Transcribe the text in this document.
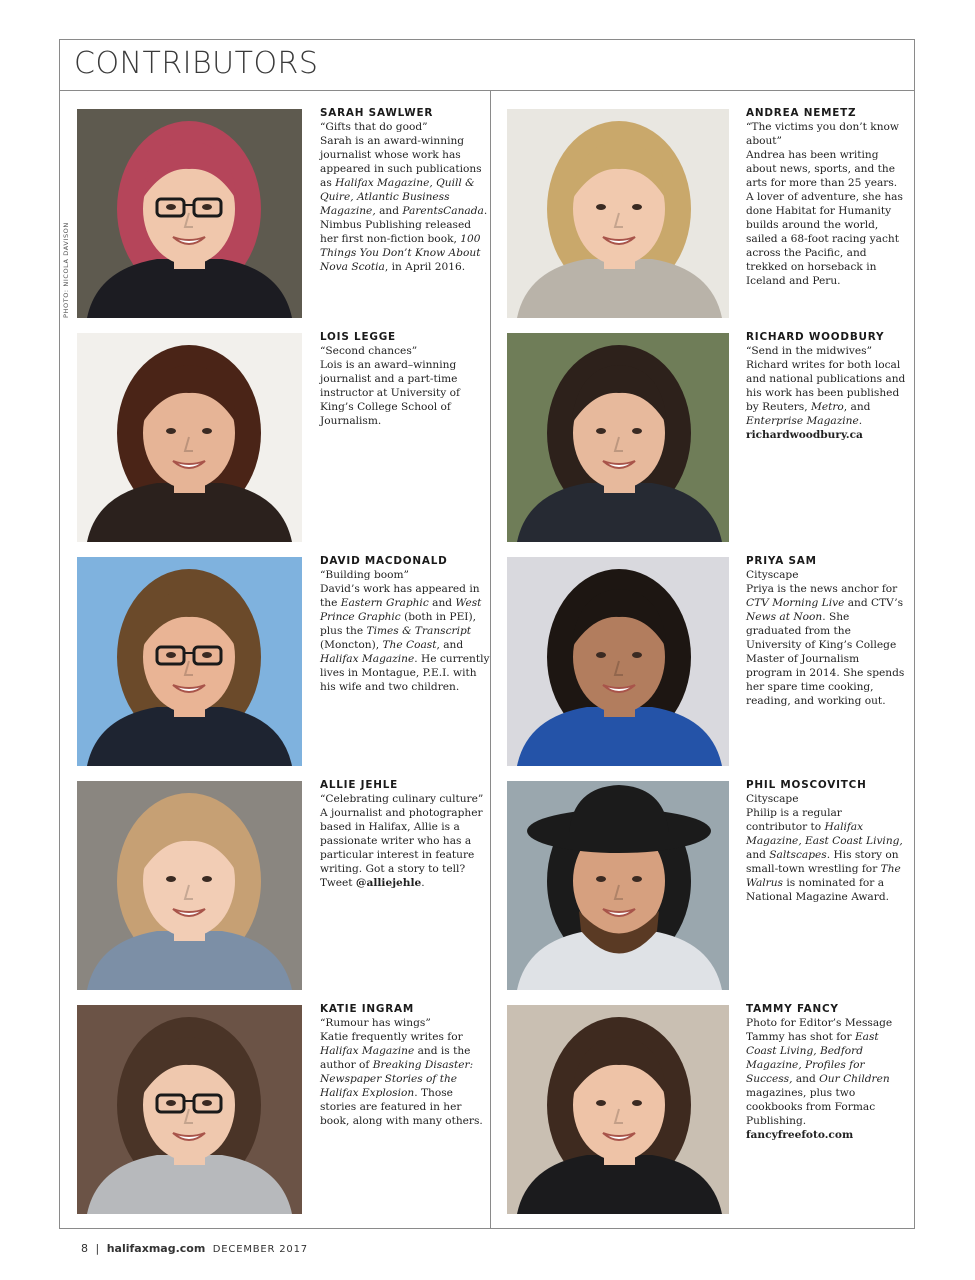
CONTRIBUTORS
PHOTO: NICOLA DAVISON
SARAH SAWLWER
“Gifts that do good”
Sarah is an award-winning journalist whose work has appeared in such publications as Halifax Magazine, Quill & Quire, Atlantic Business Magazine, and ParentsCanada. Nimbus Publishing released her first non-fiction book, 100 Things You Don’t Know About Nova Scotia, in April 2016.
LOIS LEGGE
“Second chances”
Lois is an award–winning journalist and a part-time instructor at University of King’s College School of Journalism.
DAVID MACDONALD
“Building boom”
David’s work has appeared in the Eastern Graphic and West Prince Graphic (both in PEI), plus the Times & Transcript (Moncton), The Coast, and Halifax Magazine. He currently lives in Montague, P.E.I. with his wife and two children.
ALLIE JEHLE
“Celebrating culinary culture”
A journalist and photographer based in Halifax, Allie is a passionate writer who has a particular interest in feature writing. Got a story to tell? Tweet @alliejehle.
KATIE INGRAM
“Rumour has wings”
Katie frequently writes for Halifax Magazine and is the author of Breaking Disaster: Newspaper Stories of the Halifax Explosion. Those stories are featured in her book, along with many others.
ANDREA NEMETZ
“The victims you don’t know about”
Andrea has been writing about news, sports, and the arts for more than 25 years. A lover of adventure, she has done Habitat for Humanity builds around the world, sailed a 68-foot racing yacht across the Pacific, and trekked on horseback in Iceland and Peru.
RICHARD WOODBURY
“Send in the midwives”
Richard writes for both local and national publications and his work has been published by Reuters, Metro, and Enterprise Magazine. richardwoodbury.ca
PRIYA SAM
Cityscape
Priya is the news anchor for CTV Morning Live and CTV’s News at Noon. She graduated from the University of King’s College Master of Journalism program in 2014. She spends her spare time cooking, reading, and working out.
PHIL MOSCOVITCH
Cityscape
Philip is a regular contributor to Halifax Magazine, East Coast Living, and Saltscapes. His story on small-town wrestling for The Walrus is nominated for a National Magazine Award.
TAMMY FANCY
Photo for Editor’s Message
Tammy has shot for East Coast Living, Bedford Magazine, Profiles for Success, and Our Children magazines, plus two cookbooks from Formac Publishing. fancyfreefoto.com
8 | halifaxmag.com DECEMBER 2017
